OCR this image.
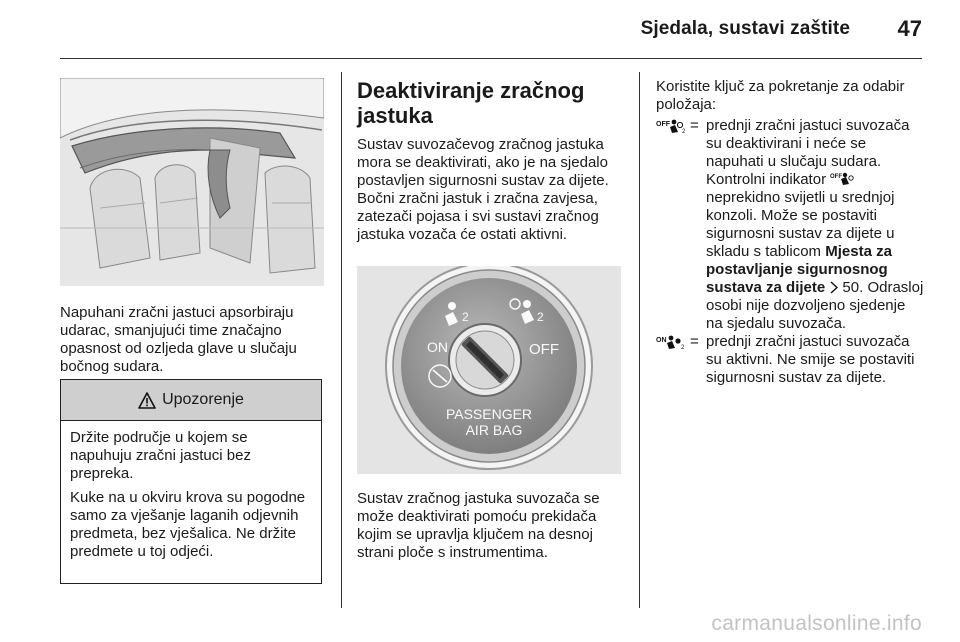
Sjedala, sustavi zaštite	47
Napuhani zračni jastuci apsorbiraju udarac, smanjujući time značajno opasnost od ozljeda glave u slučaju bočnog sudara.
Upozorenje

Držite područje u kojem se napuhuju zračni jastuci bez prepreka.

Kuke na u okviru krova su pogodne samo za vješanje laganih odjevnih predmeta, bez vješalica. Ne držite predmete u toj odjeći.

Deaktiviranje zračnog jastuka
Sustav suvozačevog zračnog jastuka mora se deaktivirati, ako je na sjedalo postavljen sigurnosni sustav za dijete. Bočni zračni jastuk i zračna zavjesa, zatezači pojasa i svi sustavi zračnog jastuka vozača će ostati aktivni.
2	2
ON	OFF
PASSENGER
AIR BAG
Sustav zračnog jastuka suvozača se može deaktivirati pomoću prekidača kojim se upravlja ključem na desnoj strani ploče s instrumentima.
Koristite ključ za pokretanje za odabir položaja:
OFF
2 = prednji zračni jastuci suvozača su deaktivirani i neće se napuhati u slučaju sudara. Kontrolni indikator OFF
neprekidno svijetli u srednjoj konzoli. Može se postaviti sigurnosni sustav za dijete u skladu s tablicom Mjesta za postavljanje sigurnosnog sustava za dijete 50. Odrasloj osobi nije dozvoljeno sjedenje na sjedalu suvozača.
ON
2 = prednji zračni jastuci suvozača su aktivni. Ne smije se postaviti sigurnosni sustav za dijete.
carmanualsonline.info
